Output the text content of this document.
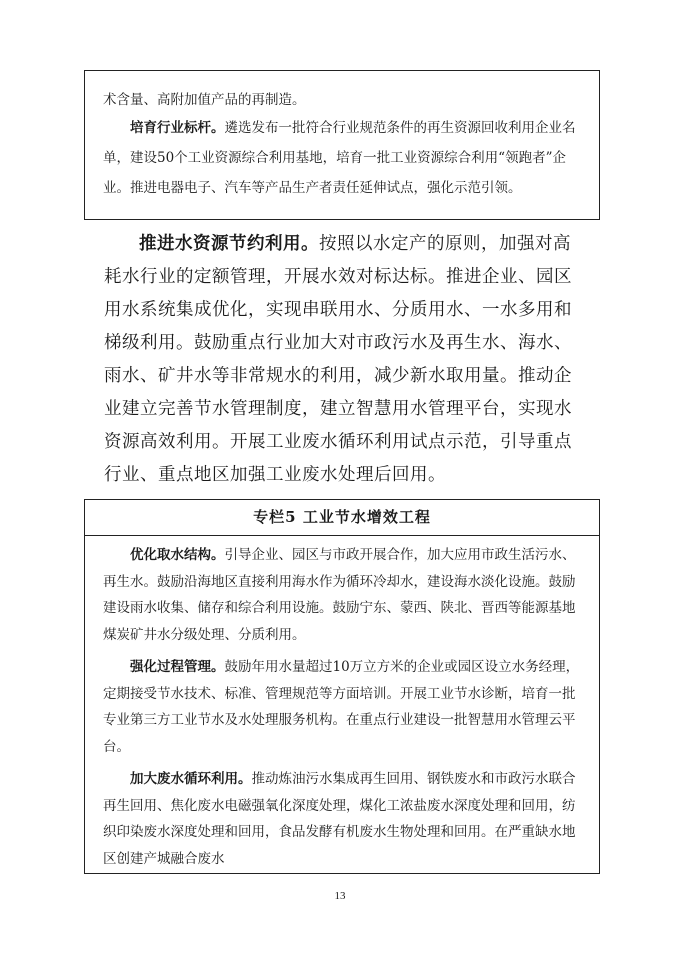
术含量、高附加值产品的再制造。

培育行业标杆。遴选发布一批符合行业规范条件的再生资源回收利用企业名单，建设50个工业资源综合利用基地，培育一批工业资源综合利用“领跑者”企业。推进电器电子、汽车等产品生产者责任延伸试点，强化示范引领。

推进水资源节约利用。按照以水定产的原则，加强对高耗水行业的定额管理，开展水效对标达标。推进企业、园区用水系统集成优化，实现串联用水、分质用水、一水多用和梯级利用。鼓励重点行业加大对市政污水及再生水、海水、雨水、矿井水等非常规水的利用，减少新水取用量。推动企业建立完善节水管理制度，建立智慧用水管理平台，实现水资源高效利用。开展工业废水循环利用试点示范，引导重点行业、重点地区加强工业废水处理后回用。

专栏5 工业节水增效工程

优化取水结构。引导企业、园区与市政开展合作，加大应用市政生活污水、再生水。鼓励沿海地区直接利用海水作为循环冷却水，建设海水淡化设施。鼓励建设雨水收集、储存和综合利用设施。鼓励宁东、蒙西、陕北、晋西等能源基地煤炭矿井水分级处理、分质利用。

强化过程管理。鼓励年用水量超过10万立方米的企业或园区设立水务经理，定期接受节水技术、标准、管理规范等方面培训。开展工业节水诊断，培育一批专业第三方工业节水及水处理服务机构。在重点行业建设一批智慧用水管理云平台。

加大废水循环利用。推动炼油污水集成再生回用、钢铁废水和市政污水联合再生回用、焦化废水电磁强氧化深度处理，煤化工浓盐废水深度处理和回用，纺织印染废水深度处理和回用，食品发酵有机废水生物处理和回用。在严重缺水地区创建产城融合废水

13
